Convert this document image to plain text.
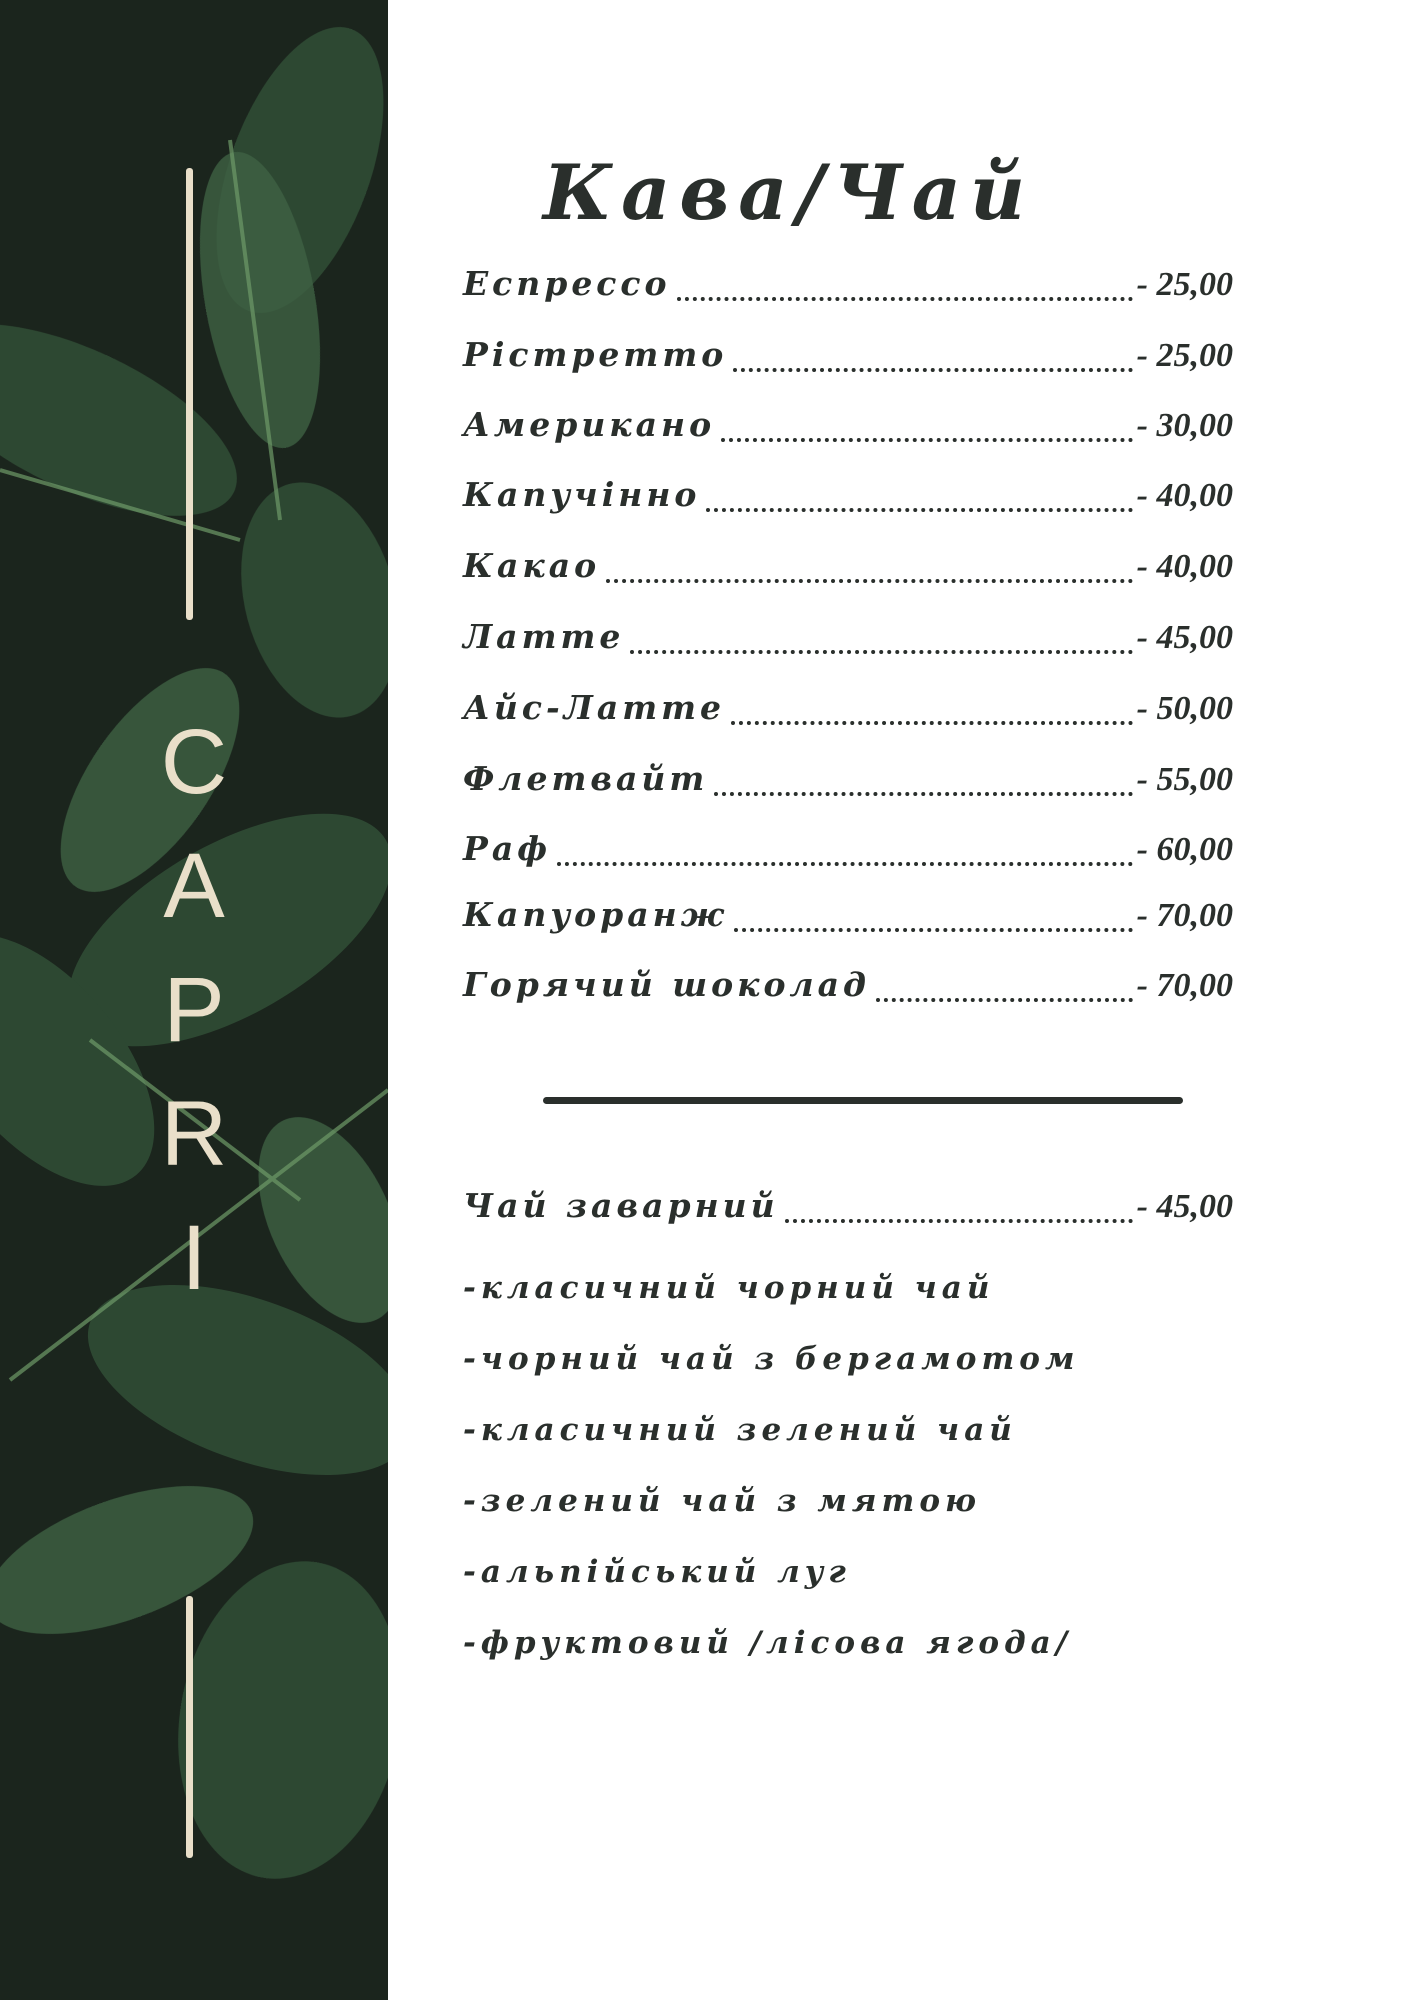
C
A
P
R
I
Кава/Чай
Еспрессо	- 25,00
Рістретто	- 25,00
Американо	- 30,00
Капучінно	- 40,00
Какао	- 40,00
Латте	- 45,00
Айс-Латте	- 50,00
Флетвайт	- 55,00
Раф	- 60,00
Капуоранж	- 70,00
Горячий шоколад	- 70,00
Чай заварний	- 45,00
-класичний чорний чай
-чорний чай з бергамотом
-класичний зелений чай
-зелений чай з мятою
-альпійський луг
-фруктовий /лісова ягода/
